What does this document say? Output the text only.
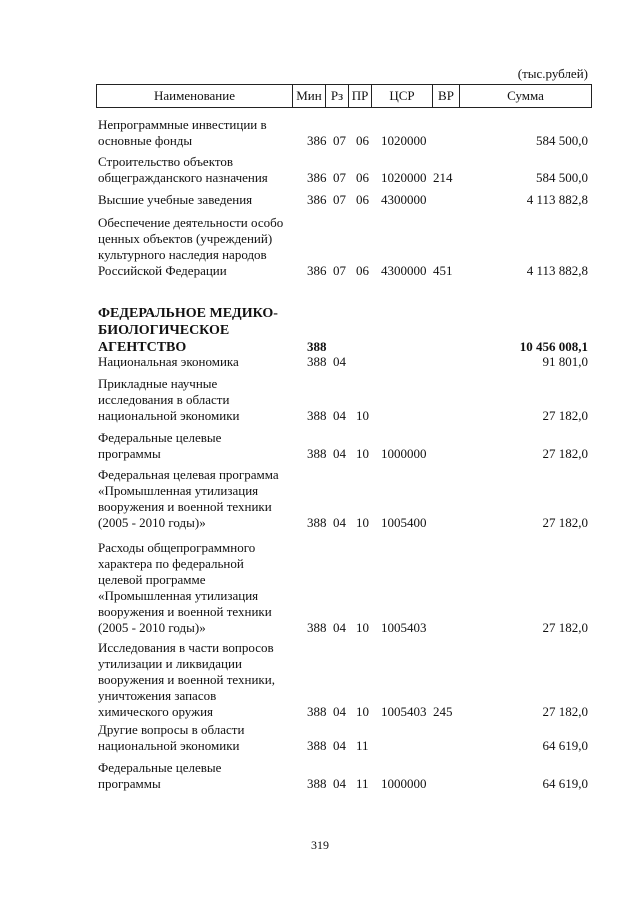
(тыс.рублей)
Наименование	Мин	Рз	ПР	ЦСР	ВР	Сумма
Непрограммные инвестиции в
основные фонды	386 07 06 1020000	584 500,0
Строительство объектов
общегражданского назначения	386 07 06 1020000 214	584 500,0
Высшие учебные заведения	386 07 06 4300000	4 113 882,8
Обеспечение деятельности особо
ценных объектов (учреждений)
культурного наследия народов
Российской Федерации	386 07 06 4300000 451	4 113 882,8
ФЕДЕРАЛЬНОЕ МЕДИКО-
БИОЛОГИЧЕСКОЕ
АГЕНТСТВО	388	10 456 008,1
Национальная экономика	388 04	91 801,0
Прикладные научные
исследования в области
национальной экономики	388 04 10	27 182,0
Федеральные целевые
программы	388 04 10 1000000	27 182,0
Федеральная целевая программа
«Промышленная утилизация
вооружения и военной техники
(2005 - 2010 годы)»	388 04 10 1005400	27 182,0
Расходы общепрограммного
характера по федеральной
целевой программе
«Промышленная утилизация
вооружения и военной техники
(2005 - 2010 годы)»	388 04 10 1005403	27 182,0
Исследования в части вопросов
утилизации и ликвидации
вооружения и военной техники,
уничтожения запасов
химического оружия	388 04 10 1005403 245	27 182,0
Другие вопросы в области
национальной экономики	388 04 11	64 619,0
Федеральные целевые
программы	388 04 11 1000000	64 619,0
319
